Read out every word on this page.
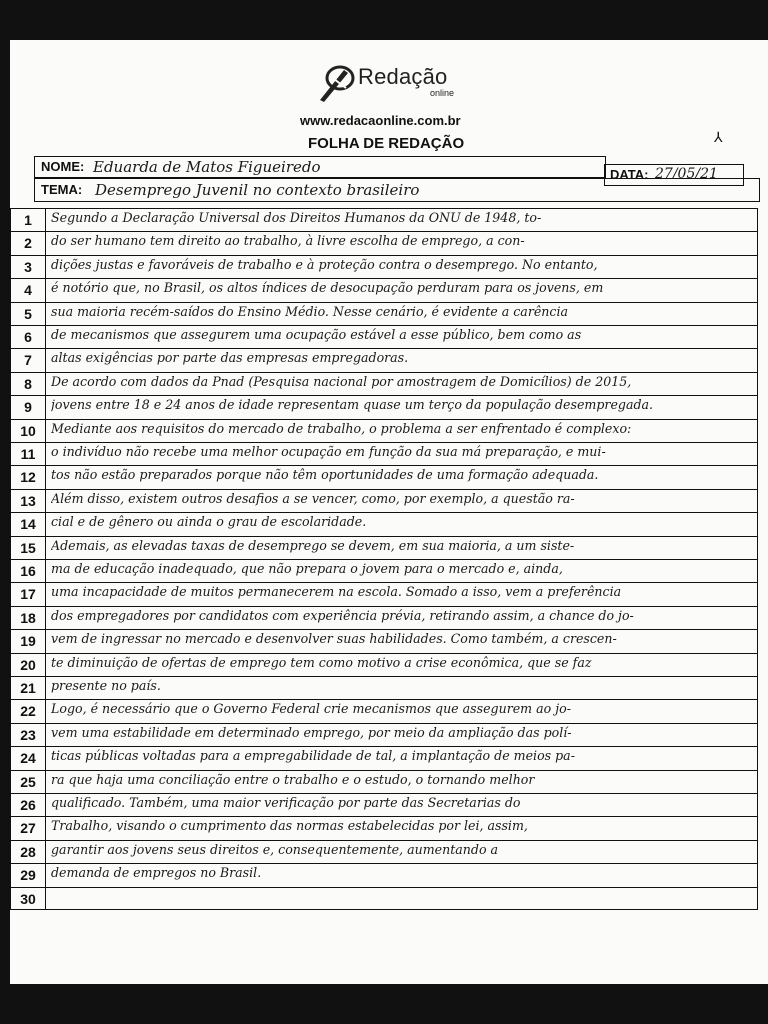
Redação
online
www.redacaonline.com.br
FOLHA DE REDAÇÃO	⅄
NOME: Eduarda de Matos Figueiredo	DATA: 27/05/21
TEMA: Desemprego Juvenil no contexto brasileiro
1	Segundo a Declaração Universal dos Direitos Humanos da ONU de 1948, to-
2	do ser humano tem direito ao trabalho, à livre escolha de emprego, a con-
3	dições justas e favoráveis de trabalho e à proteção contra o desemprego. No entanto,
4	é notório que, no Brasil, os altos índices de desocupação perduram para os jovens, em
5	sua maioria recém-saídos do Ensino Médio. Nesse cenário, é evidente a carência
6	de mecanismos que assegurem uma ocupação estável a esse público, bem como as
7	altas exigências por parte das empresas empregadoras.
8	De acordo com dados da Pnad (Pesquisa nacional por amostragem de Domicílios) de 2015,
9	jovens entre 18 e 24 anos de idade representam quase um terço da população desempregada.
10	Mediante aos requisitos do mercado de trabalho, o problema a ser enfrentado é complexo:
11	o indivíduo não recebe uma melhor ocupação em função da sua má preparação, e mui-
12	tos não estão preparados porque não têm oportunidades de uma formação adequada.
13	Além disso, existem outros desafios a se vencer, como, por exemplo, a questão ra-
14	cial e de gênero ou ainda o grau de escolaridade.
15	Ademais, as elevadas taxas de desemprego se devem, em sua maioria, a um siste-
16	ma de educação inadequado, que não prepara o jovem para o mercado e, ainda,
17	uma incapacidade de muitos permanecerem na escola. Somado a isso, vem a preferência
18	dos empregadores por candidatos com experiência prévia, retirando assim, a chance do jo-
19	vem de ingressar no mercado e desenvolver suas habilidades. Como também, a crescen-
20	te diminuição de ofertas de emprego tem como motivo a crise econômica, que se faz
21	presente no país.
22	Logo, é necessário que o Governo Federal crie mecanismos que assegurem ao jo-
23	vem uma estabilidade em determinado emprego, por meio da ampliação das polí-
24	ticas públicas voltadas para a empregabilidade de tal, a implantação de meios pa-
25	ra que haja uma conciliação entre o trabalho e o estudo, o tornando melhor
26	qualificado. Também, uma maior verificação por parte das Secretarias do
27	Trabalho, visando o cumprimento das normas estabelecidas por lei, assim,
28	garantir aos jovens seus direitos e, consequentemente, aumentando a
29	demanda de empregos no Brasil.
30
